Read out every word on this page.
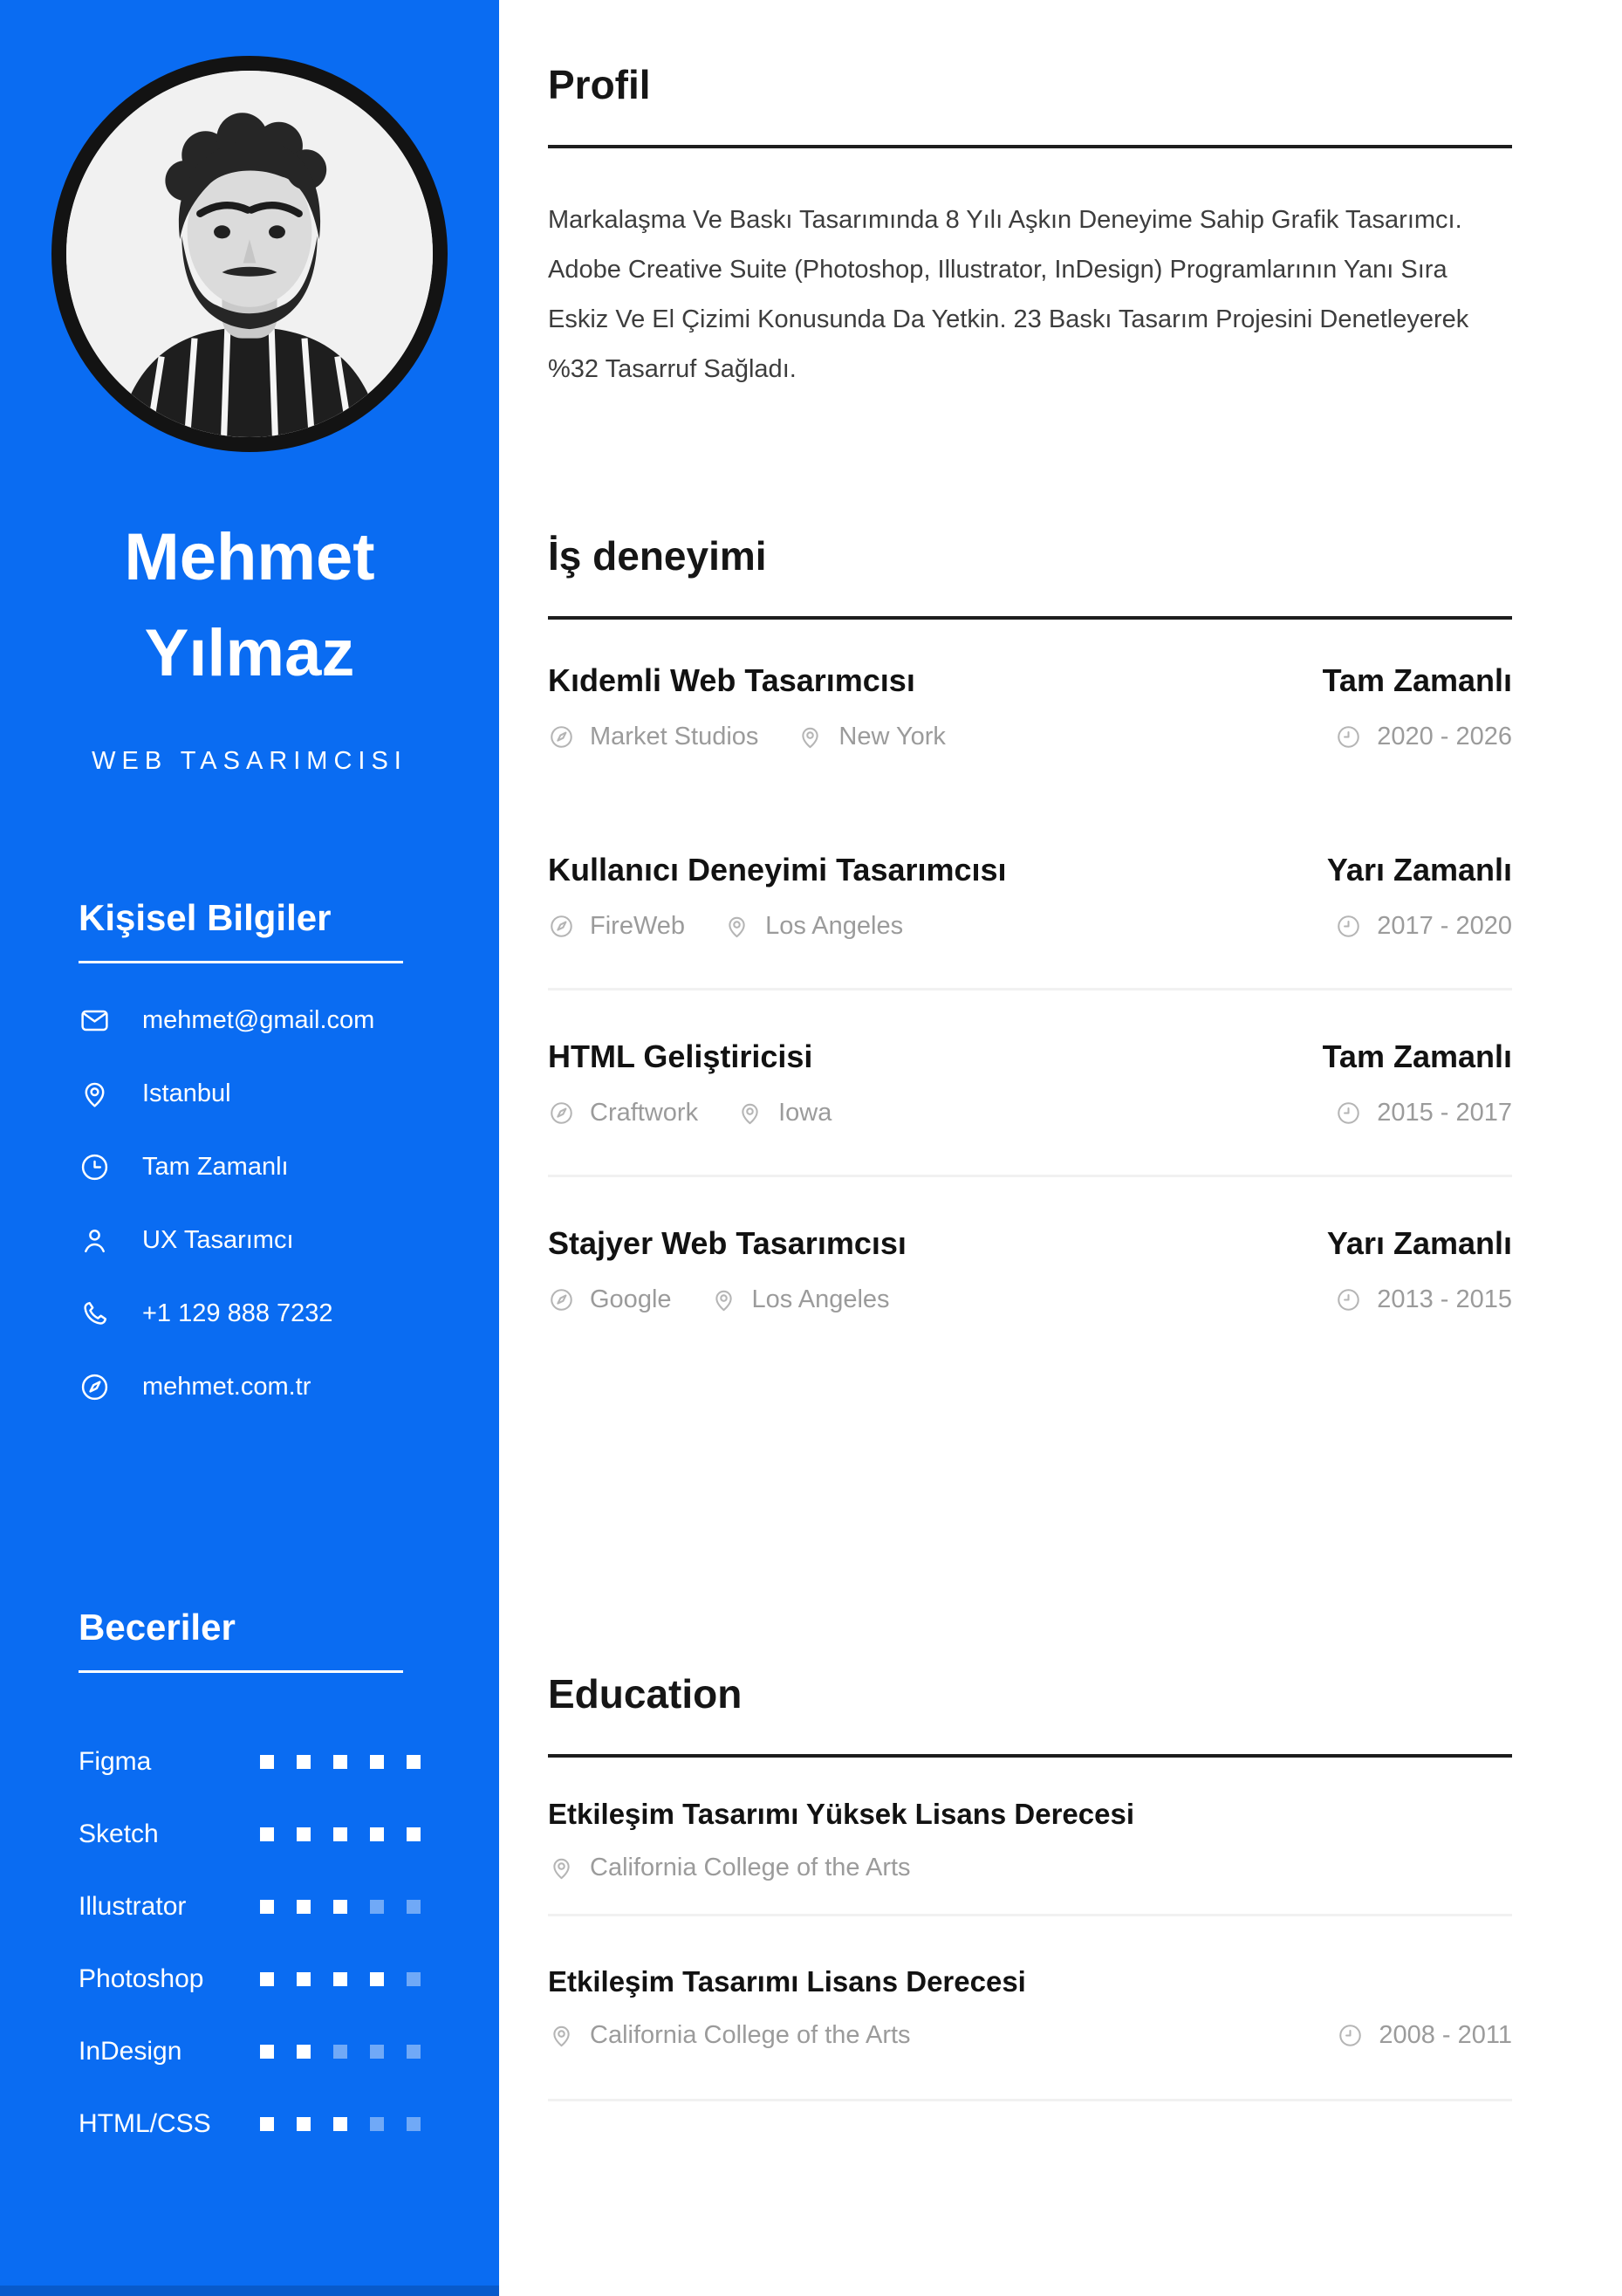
Mehmet
Yılmaz
WEB TASARIMCISI
Kişisel Bilgiler
mehmet@gmail.com
Istanbul
Tam Zamanlı
UX Tasarımcı
+1 129 888 7232
mehmet.com.tr
Beceriler
Figma
Sketch
Illustrator
Photoshop
InDesign
HTML/CSS
Profil

Markalaşma Ve Baskı Tasarımında 8 Yılı Aşkın Deneyime Sahip Grafik Tasarımcı. Adobe Creative Suite (Photoshop, Illustrator, InDesign) Programlarının Yanı Sıra Eskiz Ve El Çizimi Konusunda Da Yetkin. 23 Baskı Tasarım Projesini Denetleyerek %32 Tasarruf Sağladı.

İş deneyimi
Kıdemli Web Tasarımcısı	Tam Zamanlı
Market Studios	New York	2020 - 2026
Kullanıcı Deneyimi Tasarımcısı	Yarı Zamanlı
FireWeb	Los Angeles	2017 - 2020
HTML Geliştiricisi	Tam Zamanlı
Craftwork	Iowa	2015 - 2017
Stajyer Web Tasarımcısı	Yarı Zamanlı
Google	Los Angeles	2013 - 2015
Education
Etkileşim Tasarımı Yüksek Lisans Derecesi
California College of the Arts
Etkileşim Tasarımı Lisans Derecesi
California College of the Arts	2008 - 2011
